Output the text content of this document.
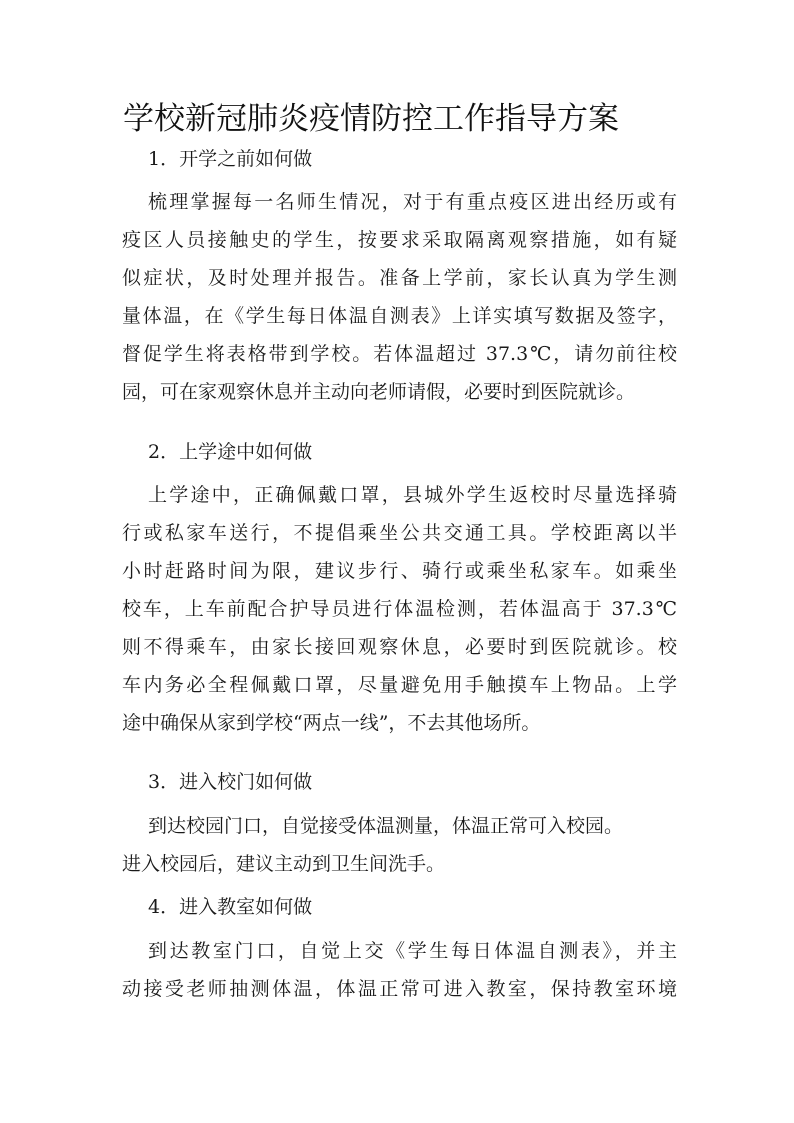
学校新冠肺炎疫情防控工作指导方案
1．开学之前如何做
梳理掌握每一名师生情况，对于有重点疫区进出经历或有
疫区人员接触史的学生，按要求采取隔离观察措施，如有疑
似症状，及时处理并报告。准备上学前，家长认真为学生测
量体温，在《学生每日体温自测表》上详实填写数据及签字，
督促学生将表格带到学校。若体温超过 37.3℃，请勿前往校
园，可在家观察休息并主动向老师请假，必要时到医院就诊。
2．上学途中如何做
上学途中，正确佩戴口罩，县城外学生返校时尽量选择骑
行或私家车送行，不提倡乘坐公共交通工具。学校距离以半
小时赶路时间为限，建议步行、骑行或乘坐私家车。如乘坐
校车，上车前配合护导员进行体温检测，若体温高于 37.3℃
则不得乘车，由家长接回观察休息，必要时到医院就诊。校
车内务必全程佩戴口罩，尽量避免用手触摸车上物品。上学
途中确保从家到学校“两点一线”，不去其他场所。
3．进入校门如何做
到达校园门口，自觉接受体温测量，体温正常可入校园。
进入校园后，建议主动到卫生间洗手。
4．进入教室如何做
到达教室门口，自觉上交《学生每日体温自测表》，并主
动接受老师抽测体温，体温正常可进入教室，保持教室环境
